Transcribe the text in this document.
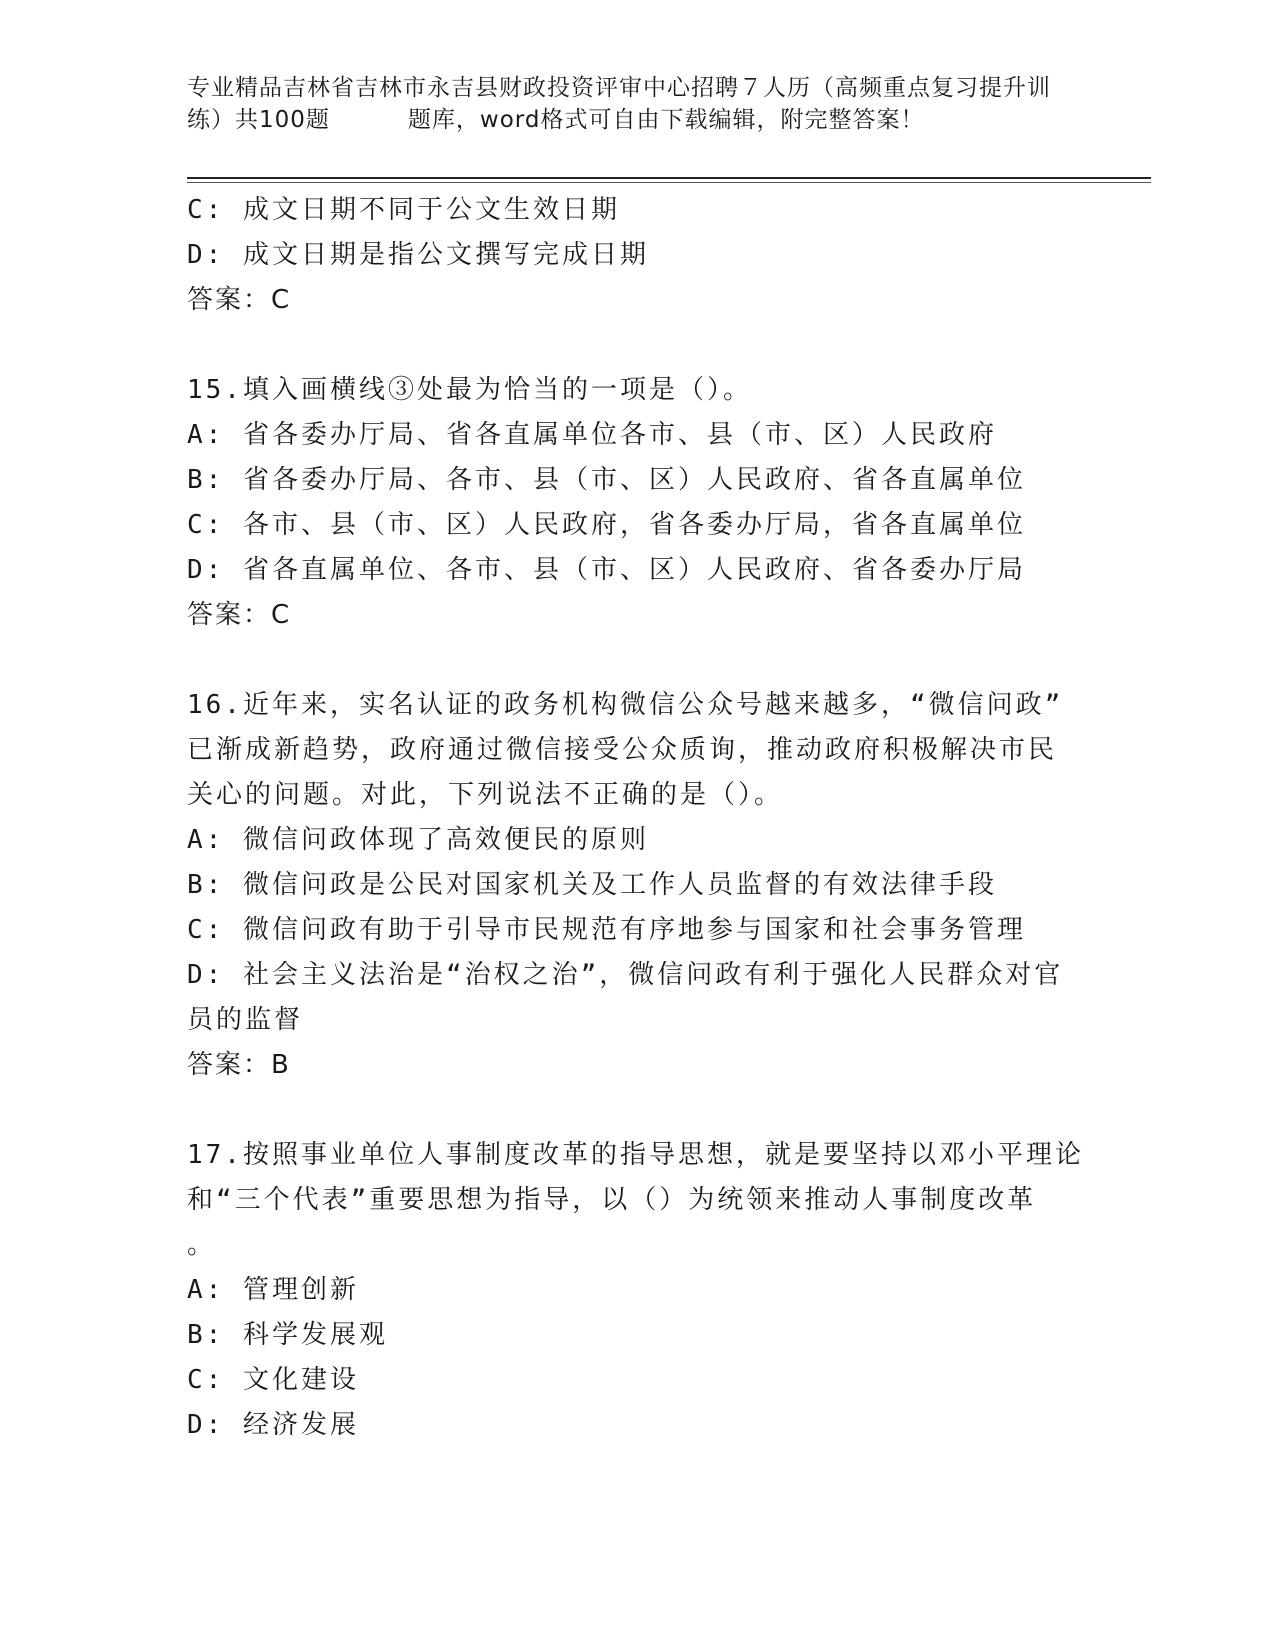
专业精品吉林省吉林市永吉县财政投资评审中心招聘７人历（高频重点复习提升训
练）共100题	题库，word格式可自由下载编辑，附完整答案！
C: 成文日期不同于公文生效日期
D: 成文日期是指公文撰写完成日期
答案：C
15.填入画横线③处最为恰当的一项是（）。
A: 省各委办厅局、省各直属单位各市、县（市、区）人民政府
B: 省各委办厅局、各市、县（市、区）人民政府、省各直属单位
C: 各市、县（市、区）人民政府，省各委办厅局，省各直属单位
D: 省各直属单位、各市、县（市、区）人民政府、省各委办厅局
答案：C
16.近年来，实名认证的政务机构微信公众号越来越多，“微信问政”
已渐成新趋势，政府通过微信接受公众质询，推动政府积极解决市民
关心的问题。对此，下列说法不正确的是（）。
A: 微信问政体现了高效便民的原则
B: 微信问政是公民对国家机关及工作人员监督的有效法律手段
C: 微信问政有助于引导市民规范有序地参与国家和社会事务管理
D: 社会主义法治是“治权之治”，微信问政有利于强化人民群众对官
员的监督
答案：B
17.按照事业单位人事制度改革的指导思想，就是要坚持以邓小平理论
和“三个代表”重要思想为指导，以（）为统领来推动人事制度改革
。
A: 管理创新
B: 科学发展观
C: 文化建设
D: 经济发展
